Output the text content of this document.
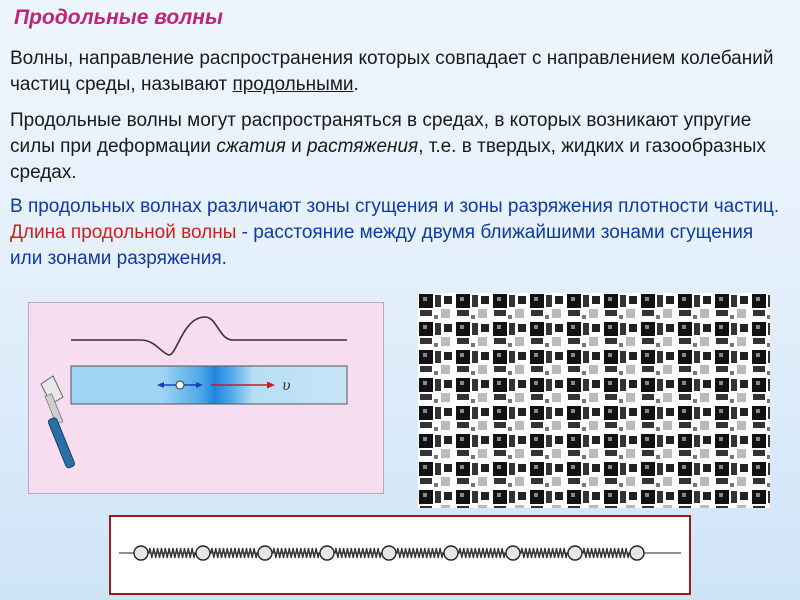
Продольные волны
Волны, направление распространения которых совпадает с направлением колебаний частиц среды, называют продольными.
Продольные волны могут распространяться в средах, в которых возникают упругие силы при деформации сжатия и растяжения, т.е. в твердых, жидких и газообразных средах.
В продольных волнах различают зоны сгущения и зоны разряжения плотности частиц. Длина продольной волны - расстояние между двумя ближайшими зонами сгущения или зонами разряжения.
υ
